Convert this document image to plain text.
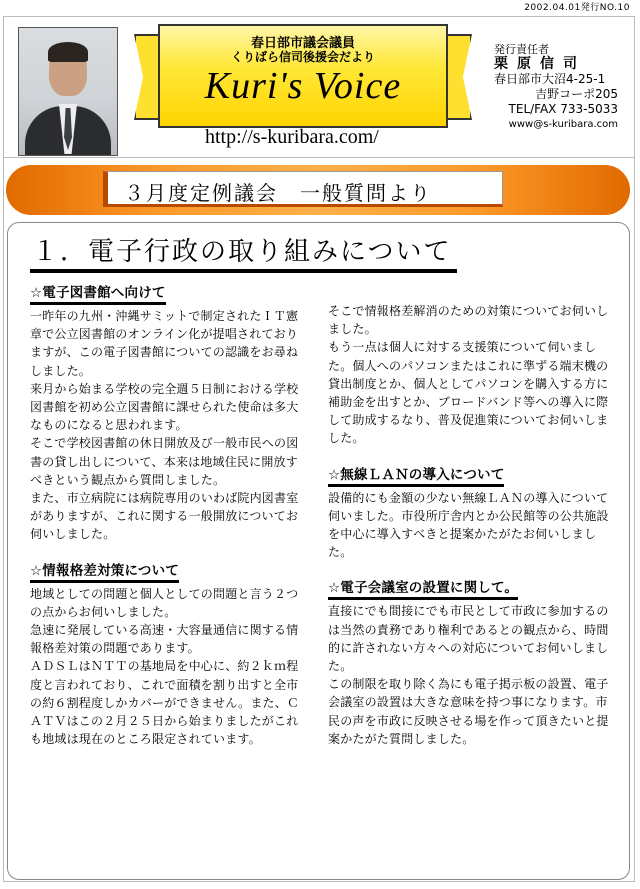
2002.04.01発行NO.10
春日部市議会議員
くりばら信司後援会だより
Kuri's Voice
http://s-kuribara.com/
発行責任者
栗原信司
春日部市大沼4-25-1
吉野コーポ205
TEL/FAX 733-5033
www@s-kuribara.com
３月度定例議会　一般質問より
１．電子行政の取り組みについて
☆電子図書館へ向けて

一昨年の九州・沖縄サミットで制定されたＩＴ憲章で公立図書館のオンライン化が提唱されておりますが、この電子図書館についての認識をお尋ねしました。

来月から始まる学校の完全週５日制における学校図書館を初め公立図書館に課せられた使命は多大なものになると思われます。

そこで学校図書館の休日開放及び一般市民への図書の貸し出しについて、本来は地域住民に開放すべきという観点から質問しました。

また、市立病院には病院専用のいわば院内図書室がありますが、これに関する一般開放についてお伺いしました。

☆情報格差対策について

地域としての問題と個人としての問題と言う２つの点からお伺いしました。

急速に発展している高速・大容量通信に関する情報格差対策の問題であります。

ＡＤＳＬはＮＴＴの基地局を中心に、約２ｋｍ程度と言われており、これで面積を割り出すと全市の約６割程度しかカバーができません。また、ＣＡＴＶはこの２月２５日から始まりましたがこれも地域は現在のところ限定されています。

そこで情報格差解消のための対策についてお伺いしました。

もう一点は個人に対する支援策について伺いました。個人へのパソコンまたはこれに準ずる端末機の貸出制度とか、個人としてパソコンを購入する方に補助金を出すとか、ブロードバンド等への導入に際して助成するなり、普及促進策についてお伺いしました。

☆無線ＬＡＮの導入について

設備的にも金額の少ない無線ＬＡＮの導入について伺いました。市役所庁舎内とか公民館等の公共施設を中心に導入すべきと提案かたがたお伺いしました。

☆電子会議室の設置に関して。

直接にでも間接にでも市民として市政に参加するのは当然の責務であり権利であるとの観点から、時間的に許されない方々への対応についてお伺いしました。

この制限を取り除く為にも電子掲示板の設置、電子会議室の設置は大きな意味を持つ事になります。市民の声を市政に反映させる場を作って頂きたいと提案かたがた質問しました。
